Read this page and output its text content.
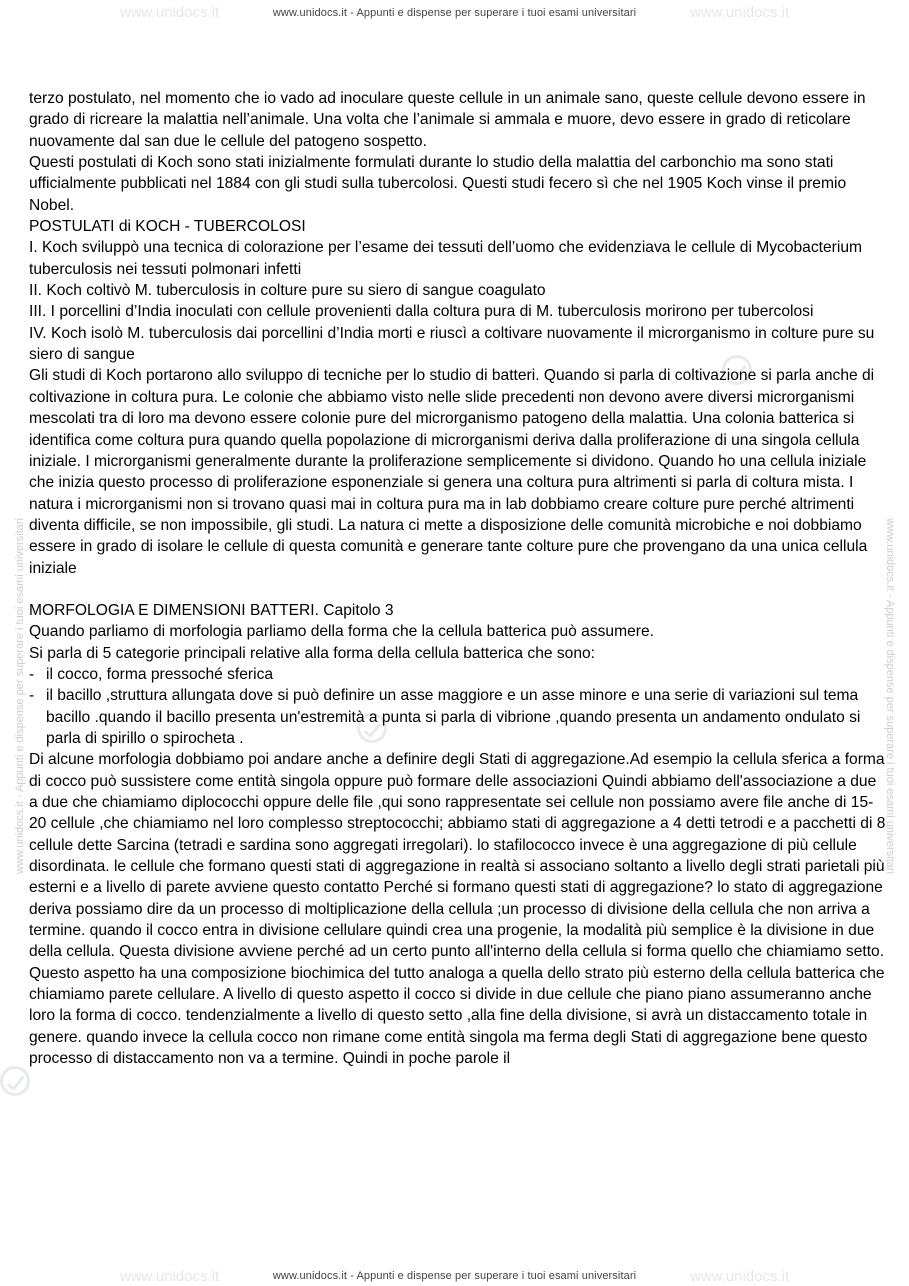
www.unidocs.it - Appunti e dispense per superare i tuoi esami universitari
www.unidocs.it	www.unidocs.it
www.unidocs.it - Appunti e dispense per superare i tuoi esami universitari	www.unidocs.it - Appunti e dispense per superare i tuoi esami universitari

terzo postulato, nel momento che io vado ad inoculare queste cellule in un animale sano, queste cellule devono essere in grado di ricreare la malattia nell’animale. Una volta che l’animale si ammala e muore, devo essere in grado di reticolare nuovamente dal san due le cellule del patogeno sospetto.

Questi postulati di Koch sono stati inizialmente formulati durante lo studio della malattia del carbonchio ma sono stati ufficialmente pubblicati nel 1884 con gli studi sulla tubercolosi. Questi studi fecero sì che nel 1905 Koch vinse il premio Nobel.

POSTULATI di KOCH - TUBERCOLOSI

I. Koch sviluppò una tecnica di colorazione per l’esame dei tessuti dell’uomo che evidenziava le cellule di Mycobacterium tuberculosis nei tessuti polmonari infetti

II. Koch coltivò M. tuberculosis in colture pure su siero di sangue coagulato

III. I porcellini d’India inoculati con cellule provenienti dalla coltura pura di M. tuberculosis morirono per tubercolosi

IV. Koch isolò M. tuberculosis dai porcellini d’India morti e riuscì a coltivare nuovamente il microrganismo in colture pure su siero di sangue

Gli studi di Koch portarono allo sviluppo di tecniche per lo studio di batteri. Quando si parla di coltivazione si parla anche di coltivazione in coltura pura. Le colonie che abbiamo visto nelle slide precedenti non devono avere diversi microrganismi mescolati tra di loro ma devono essere colonie pure del microrganismo patogeno della malattia. Una colonia batterica si identifica come coltura pura quando quella popolazione di microrganismi deriva dalla proliferazione di una singola cellula iniziale. I microrganismi generalmente durante la proliferazione semplicemente si dividono. Quando ho una cellula iniziale che inizia questo processo di proliferazione esponenziale si genera una coltura pura altrimenti si parla di coltura mista. I natura i microrganismi non si trovano quasi mai in coltura pura ma in lab dobbiamo creare colture pure perché altrimenti diventa difficile, se non impossibile, gli studi. La natura ci mette a disposizione delle comunità microbiche e noi dobbiamo essere in grado di isolare le cellule di questa comunità e generare tante colture pure che provengano da una unica cellula iniziale

MORFOLOGIA E DIMENSIONI BATTERI. Capitolo 3

Quando parliamo di morfologia parliamo della forma che la cellula batterica può assumere.

Si parla di 5 categorie principali relative alla forma della cellula batterica che sono:

- il cocco, forma pressoché sferica
- il bacillo ,struttura allungata dove si può definire un asse maggiore e un asse minore e una serie di variazioni sul tema bacillo .quando il bacillo presenta un'estremità a punta si parla di vibrione ,quando presenta un andamento ondulato si parla di spirillo o spirocheta .

Di alcune morfologia dobbiamo poi andare anche a definire degli Stati di aggregazione.Ad esempio la cellula sferica a forma di cocco può sussistere come entità singola oppure può formare delle associazioni Quindi abbiamo dell'associazione a due a due che chiamiamo diplococchi oppure delle file ,qui sono rappresentate sei cellule non possiamo avere file anche di 15-20 cellule ,che chiamiamo nel loro complesso streptococchi; abbiamo stati di aggregazione a 4 detti tetrodi e a pacchetti di 8 cellule dette Sarcina (tetradi e sardina sono aggregati irregolari). lo stafilococco invece è una aggregazione di più cellule disordinata. le cellule che formano questi stati di aggregazione in realtà si associano soltanto a livello degli strati parietali più esterni e a livello di parete avviene questo contatto Perché si formano questi stati di aggregazione? lo stato di aggregazione deriva possiamo dire da un processo di moltiplicazione della cellula ;un processo di divisione della cellula che non arriva a termine. quando il cocco entra in divisione cellulare quindi crea una progenie, la modalità più semplice è la divisione in due della cellula. Questa divisione avviene perché ad un certo punto all'interno della cellula si forma quello che chiamiamo setto. Questo aspetto ha una composizione biochimica del tutto analoga a quella dello strato più esterno della cellula batterica che chiamiamo parete cellulare. A livello di questo aspetto il cocco si divide in due cellule che piano piano assumeranno anche loro la forma di cocco. tendenzialmente a livello di questo setto ,alla fine della divisione, si avrà un distaccamento totale in genere. quando invece la cellula cocco non rimane come entità singola ma ferma degli Stati di aggregazione bene questo processo di distaccamento non va a termine. Quindi in poche parole il

www.unidocs.it	www.unidocs.it
www.unidocs.it - Appunti e dispense per superare i tuoi esami universitari
